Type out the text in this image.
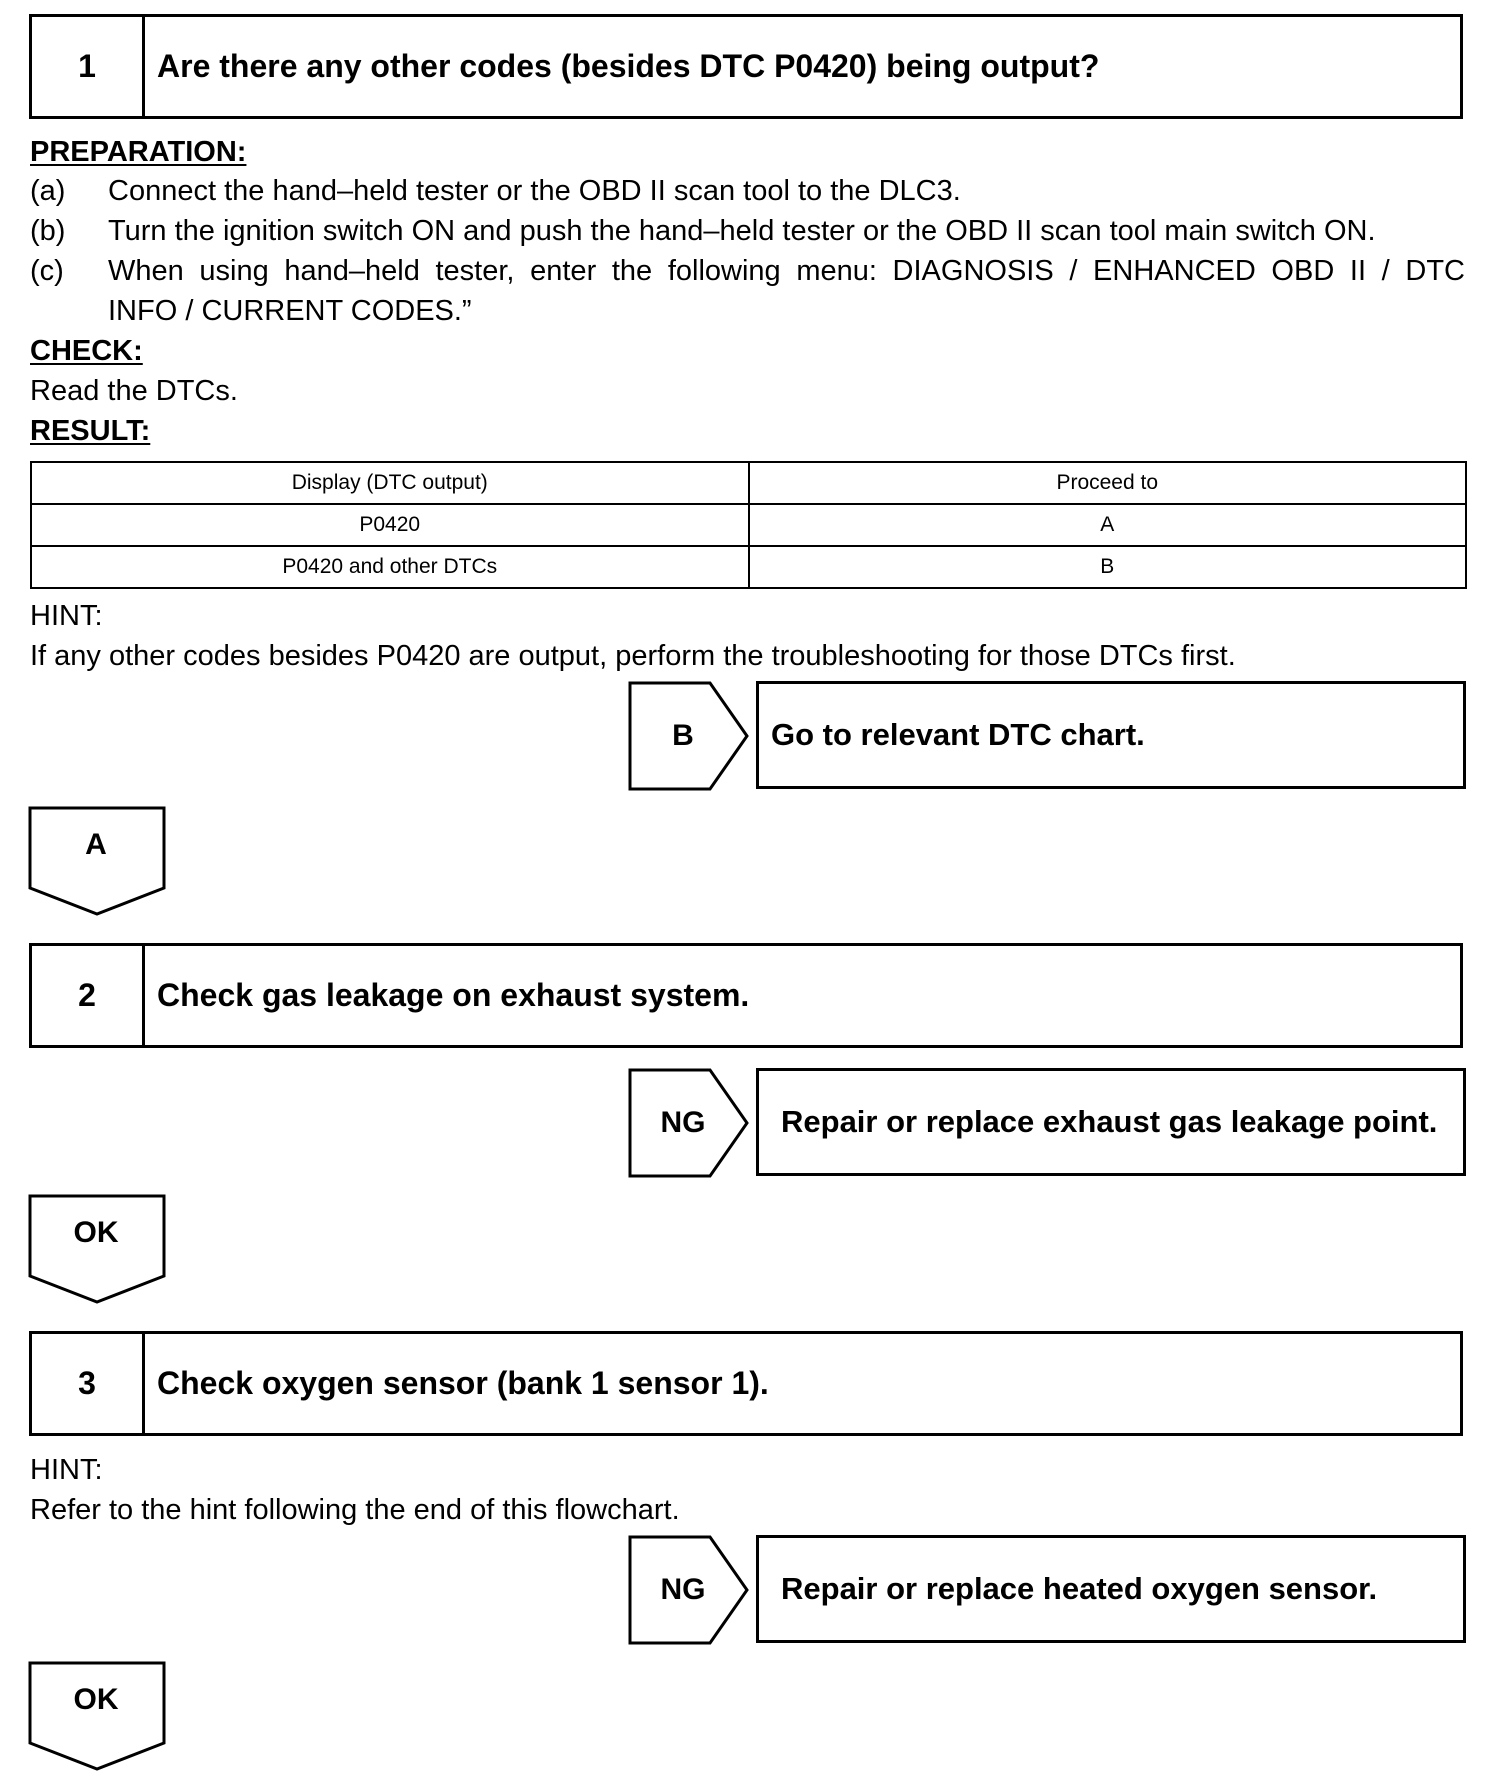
1	Are there any other codes (besides DTC P0420) being output?
PREPARATION:
(a) Connect the hand–held tester or the OBD II scan tool to the DLC3.
(b) Turn the ignition switch ON and push the hand–held tester or the OBD II scan tool main switch ON.
(c) When using hand–held tester, enter the following menu: DIAGNOSIS / ENHANCED OBD II / DTC
INFO / CURRENT CODES.”
CHECK:
Read the DTCs.
RESULT:
Display (DTC output)	Proceed to
P0420	A
P0420 and other DTCs	B
HINT:
If any other codes besides P0420 are output, perform the troubleshooting for those DTCs first.
B	Go to relevant DTC chart.
A
2	Check gas leakage on exhaust system.
NG	Repair or replace exhaust gas leakage point.
OK
3	Check oxygen sensor (bank 1 sensor 1).
HINT:
Refer to the hint following the end of this flowchart.
NG	Repair or replace heated oxygen sensor.
OK
